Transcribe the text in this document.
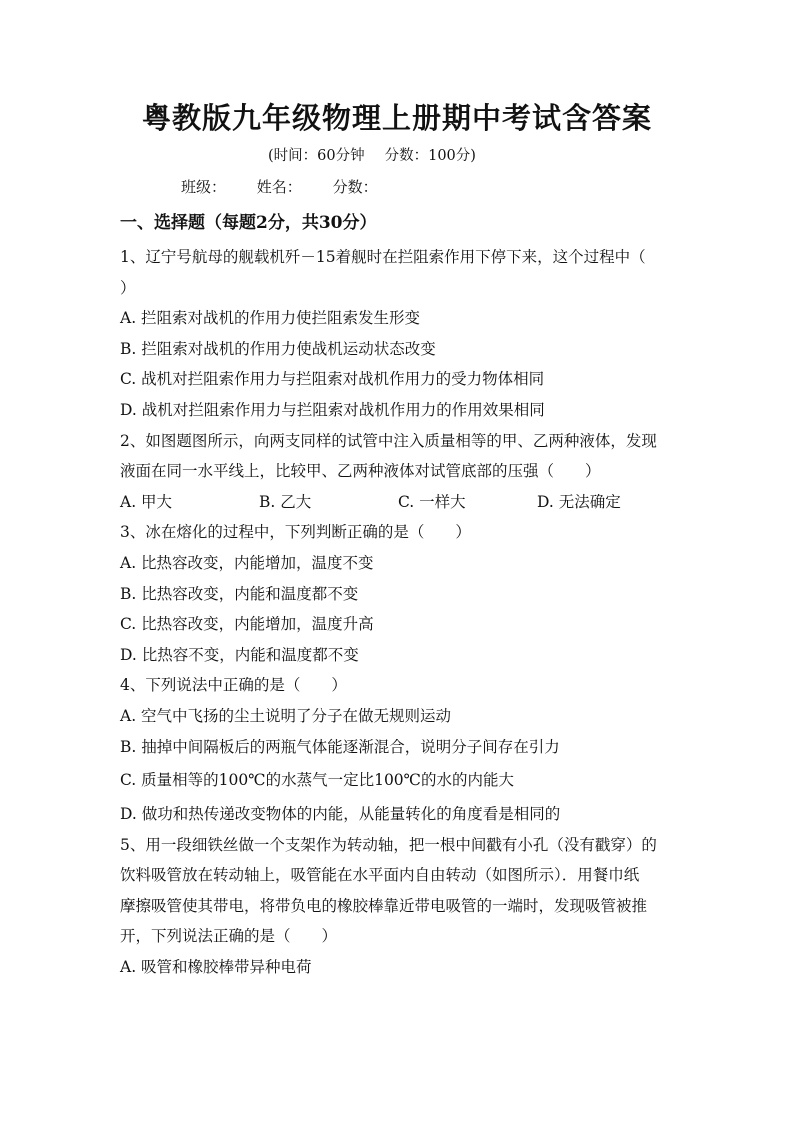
粤教版九年级物理上册期中考试含答案
(时间：60分钟 分数：100分)
班级： 姓名： 分数：
一、选择题（每题2分，共30分）
1、辽宁号航母的舰载机歼－15着舰时在拦阻索作用下停下来，这个过程中（
）
A. 拦阻索对战机的作用力使拦阻索发生形变
B. 拦阻索对战机的作用力使战机运动状态改变
C. 战机对拦阻索作用力与拦阻索对战机作用力的受力物体相同
D. 战机对拦阻索作用力与拦阻索对战机作用力的作用效果相同
2、如图题图所示，向两支同样的试管中注入质量相等的甲、乙两种液体，发现
液面在同一水平线上，比较甲、乙两种液体对试管底部的压强（　　）
A. 甲大	B. 乙大	C. 一样大	D. 无法确定
3、冰在熔化的过程中，下列判断正确的是（　　）
A. 比热容改变，内能增加，温度不变
B. 比热容改变，内能和温度都不变
C. 比热容改变，内能增加，温度升高
D. 比热容不变，内能和温度都不变
4、下列说法中正确的是（　　）
A. 空气中飞扬的尘土说明了分子在做无规则运动
B. 抽掉中间隔板后的两瓶气体能逐渐混合，说明分子间存在引力
C. 质量相等的100℃的水蒸气一定比100℃的水的内能大
D. 做功和热传递改变物体的内能，从能量转化的角度看是相同的
5、用一段细铁丝做一个支架作为转动轴，把一根中间戳有小孔（没有戳穿）的
饮料吸管放在转动轴上，吸管能在水平面内自由转动（如图所示）．用餐巾纸
摩擦吸管使其带电，将带负电的橡胶棒靠近带电吸管的一端时，发现吸管被推
开，下列说法正确的是（　　）
A. 吸管和橡胶棒带异种电荷
